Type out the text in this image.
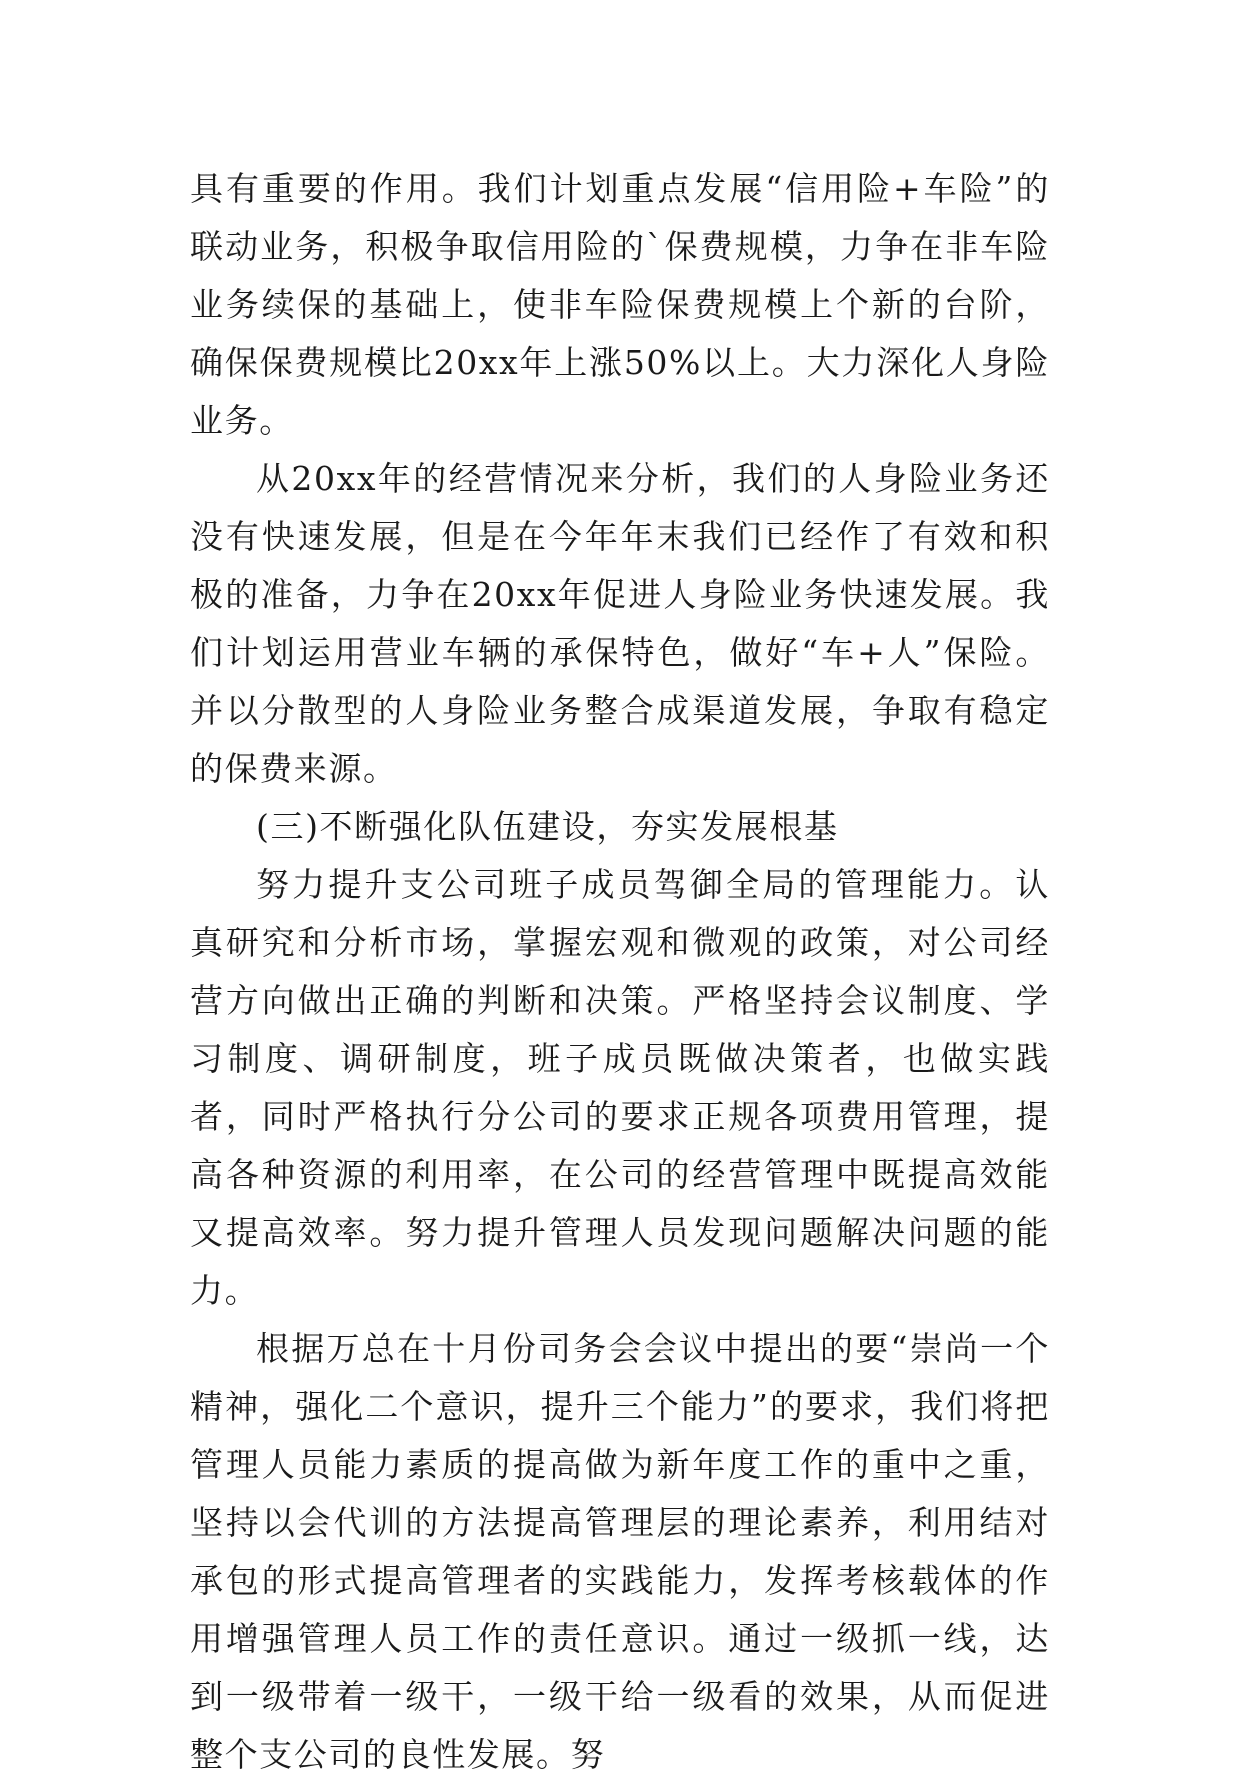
具有重要的作用。我们计划重点发展“信用险+车险”的联动业务，积极争取信用险的`保费规模，力争在非车险业务续保的基础上，使非车险保费规模上个新的台阶，确保保费规模比20xx年上涨50%以上。大力深化人身险业务。

从20xx年的经营情况来分析，我们的人身险业务还没有快速发展，但是在今年年末我们已经作了有效和积极的准备，力争在20xx年促进人身险业务快速发展。我们计划运用营业车辆的承保特色，做好“车+人”保险。并以分散型的人身险业务整合成渠道发展，争取有稳定的保费来源。

(三)不断强化队伍建设，夯实发展根基

努力提升支公司班子成员驾御全局的管理能力。认真研究和分析市场，掌握宏观和微观的政策，对公司经营方向做出正确的判断和决策。严格坚持会议制度、学习制度、调研制度，班子成员既做决策者，也做实践者，同时严格执行分公司的要求正规各项费用管理，提高各种资源的利用率，在公司的经营管理中既提高效能又提高效率。努力提升管理人员发现问题解决问题的能力。

根据万总在十月份司务会会议中提出的要“崇尚一个精神，强化二个意识，提升三个能力”的要求，我们将把管理人员能力素质的提高做为新年度工作的重中之重，坚持以会代训的方法提高管理层的理论素养，利用结对承包的形式提高管理者的实践能力，发挥考核载体的作用增强管理人员工作的责任意识。通过一级抓一线，达到一级带着一级干，一级干给一级看的效果，从而促进整个支公司的良性发展。努
